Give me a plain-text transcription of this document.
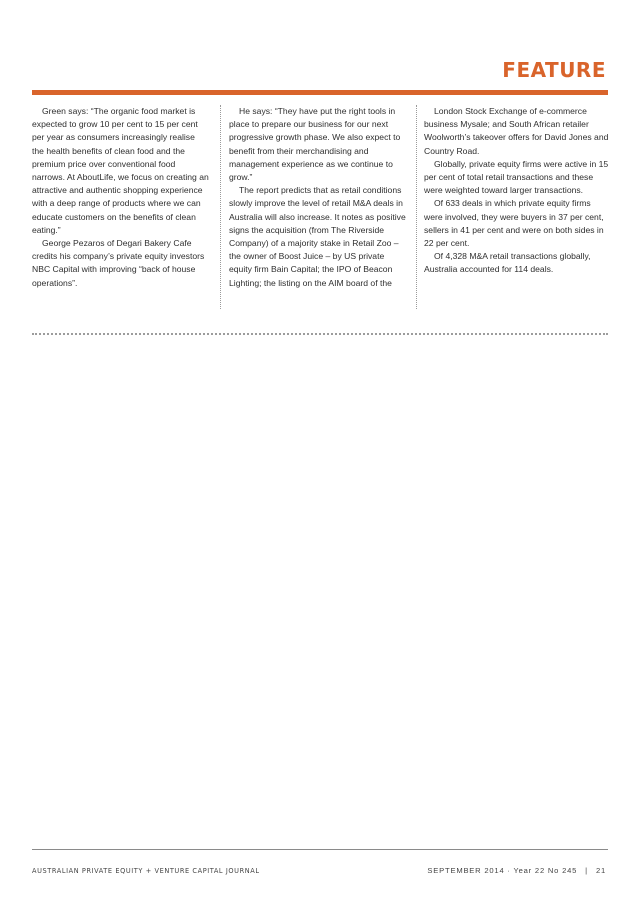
FEATURE

Green says: “The organic food market is expected to grow 10 per cent to 15 per cent per year as consumers increasingly realise the health benefits of clean food and the premium price over conventional food narrows. At AboutLife, we focus on creating an attractive and authentic shopping experience with a deep range of products where we can educate customers on the benefits of clean eating.”

George Pezaros of Degari Bakery Cafe credits his company’s private equity investors NBC Capital with improving “back of house operations”.

He says: “They have put the right tools in place to prepare our business for our next progressive growth phase. We also expect to benefit from their merchandising and management experience as we continue to grow.”

The report predicts that as retail conditions slowly improve the level of retail M&A deals in Australia will also increase. It notes as positive signs the acquisition (from The Riverside Company) of a majority stake in Retail Zoo – the owner of Boost Juice – by US private equity firm Bain Capital; the IPO of Beacon Lighting; the listing on the AIM board of the

London Stock Exchange of e-commerce business Mysale; and South African retailer Woolworth’s takeover offers for David Jones and Country Road.

Globally, private equity firms were active in 15 per cent of total retail transactions and these were weighted toward larger transactions.

Of 633 deals in which private equity firms were involved, they were buyers in 37 per cent, sellers in 41 per cent and were on both sides in 22 per cent.

Of 4,328 M&A retail transactions globally, Australia accounted for 114 deals.

AUSTRALIAN PRIVATE EQUITY + VENTURE CAPITAL JOURNAL	SEPTEMBER 2014 · Year 22 No 245 | 21
